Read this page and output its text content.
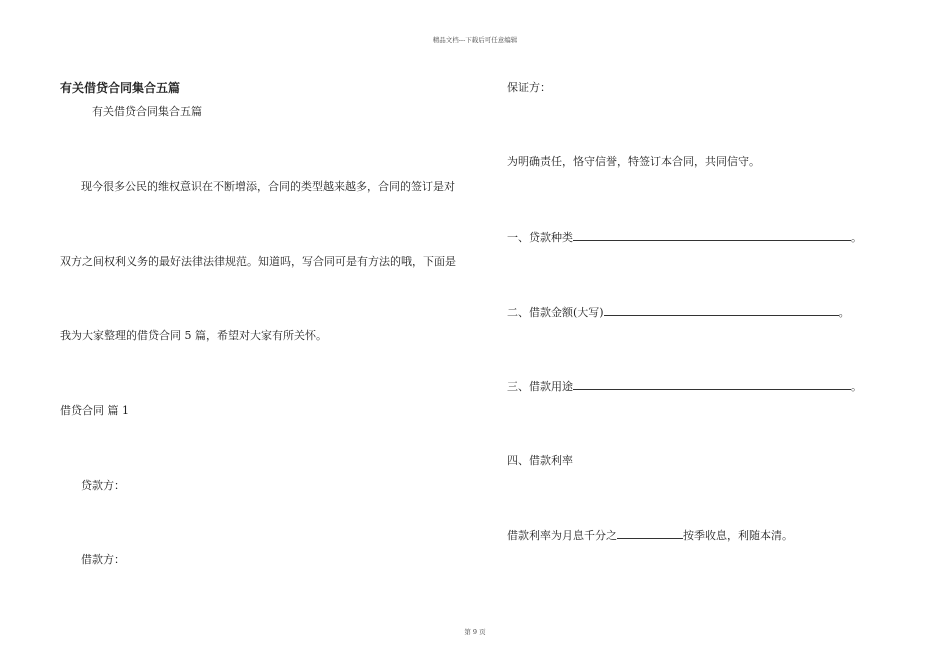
精品文档---下载后可任意编辑
有关借贷合同集合五篇
有关借贷合同集合五篇
现今很多公民的维权意识在不断增添，合同的类型越来越多，合同的签订是对
双方之间权利义务的最好法律法律规范。知道吗，写合同可是有方法的哦，下面是
我为大家整理的借贷合同 5 篇，希望对大家有所关怀。
借贷合同 篇 1
贷款方：
借款方：
保证方：
为明确责任，恪守信誉，特签订本合同，共同信守。
一、贷款种类	。
二、借款金额(大写)	。
三、借款用途	。
四、借款利率
借款利率为月息千分之	按季收息，利随本清。
第 9 页
